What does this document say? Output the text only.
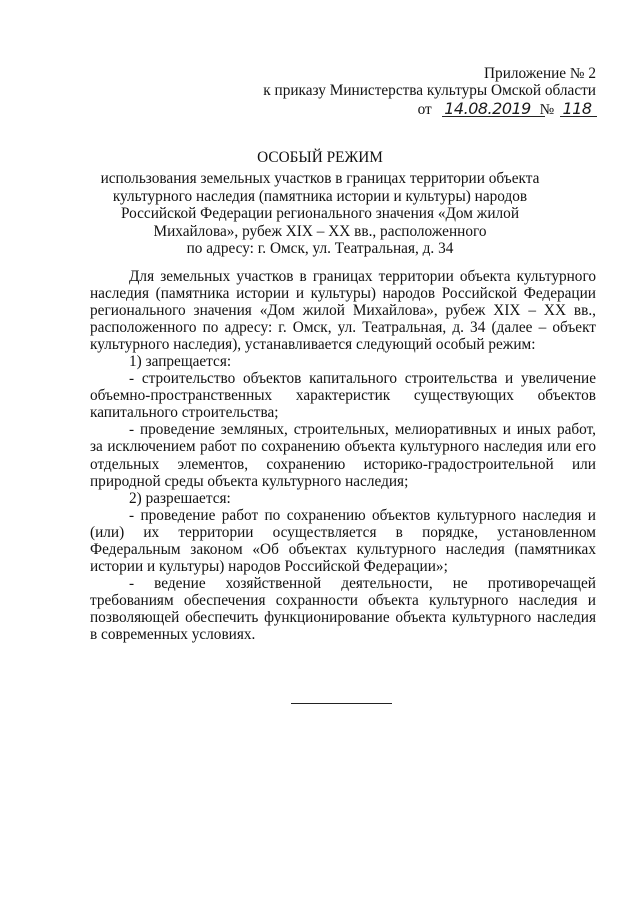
Приложение № 2
к приказу Министерства культуры Омской области
от 14.08.2019 № 118
ОСОБЫЙ РЕЖИМ
использования земельных участков в границах территории объекта
культурного наследия (памятника истории и культуры) народов
Российской Федерации регионального значения «Дом жилой
Михайлова», рубеж XIX – XX вв., расположенного
по адресу: г. Омск, ул. Театральная, д. 34

Для земельных участков в границах территории объекта культурного наследия (памятника истории и культуры) народов Российской Федерации регионального значения «Дом жилой Михайлова», рубеж XIX – XX вв., расположенного по адресу: г. Омск, ул. Театральная, д. 34 (далее – объект культурного наследия), устанавливается следующий особый режим:

1) запрещается:

- строительство объектов капитального строительства и увеличение объемно-пространственных характеристик существующих объектов капитального строительства;

- проведение земляных, строительных, мелиоративных и иных работ, за исключением работ по сохранению объекта культурного наследия или его отдельных элементов, сохранению историко-градостроительной или природной среды объекта культурного наследия;

2) разрешается:

- проведение работ по сохранению объектов культурного наследия и (или) их территории осуществляется в порядке, установленном Федеральным законом «Об объектах культурного наследия (памятниках истории и культуры) народов Российской Федерации»;

- ведение хозяйственной деятельности, не противоречащей требованиям обеспечения сохранности объекта культурного наследия и позволяющей обеспечить функционирование объекта культурного наследия в современных условиях.
